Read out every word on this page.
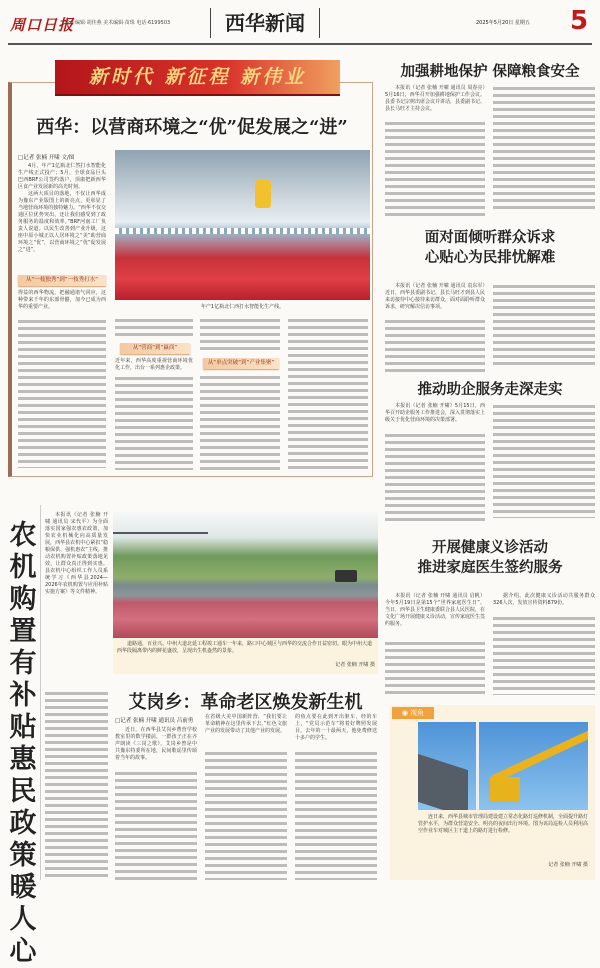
周口日报
责任编辑·胡佳燕 美术编辑·苗珠 电话·6199503	西华新闻	2025年5月20日 星期五 5
新时代 新征程 新伟业
西华：以营商环境之“优”促发展之“进”
□记者 张楠 开啸 文/图

4月，年产1亿瓶北仁然打水智能化生产线正式投产；5月，全球食品巨头巴西BRF公司签约落户，顶康把新西华区食产业发展新的高光时刻。

这两大项目的落地，不仅让西华成为豫东产业版图上的新亮点，更彰显了当地营商环境的独特魅力。“西华不仅交通区位优势突出，还让我们感受到了政务服务的温度和效率。”BRF河南工厂负责人说道。以民生改善到产业升级，这座中原小城正以人居环境之“美”助营商环境之“优”，以营商环境之“优”促发展之“进”。

从“一枝独秀”到“一枝秀打水”
得益的西华物流，把融通诸气回应，这种带来千年的东部骨骼，加今已成为西华的重要产业。	年产1亿瓶北仁西打水智能化生产线。
从“营商”到“赢商”
近年来，西华高度重视营商环境优化工作，出台一系列惠企政策。
从“单点突破”到“产业集聚”
加强耕地保护 保障粮食安全
本报讯（记者 张楠 开啸 通讯员 周春亮）5月16日，西华召开加强耕地保护工作会议。县委书记宗树出席会议并讲话，县委副书记、县长马旺才主持会议。
面对面倾听群众诉求
心贴心为民排忧解难
本报讯（记者 张楠 开啸 通讯员 袁东军）近日，西华县委副书记、县长马旺才到县人民来访接待中心接待来访群众，面对面聆听群众诉求，研究解决信访事项。
推动助企服务走深走实
本报讯（记者 张楠 开啸）5月15日，西华召开助企服务工作推进会，深入贯彻落实上级关于优化营商环境的决策部署。
开展健康义诊活动
推进家庭医生签约服务
本报讯（记者 张楠 开啸 通讯员 启帆）今年5月19日是第15个“世界家庭医生日”。当日，西华县卫生健康委联合县人民医院，在文化广场开展健康义诊活动，宣传家庭医生签约服务。
据介绍，此次健康义诊活动共服务群众326人次，发放宣传资料879份。
◉ 视角
连日来，西华县城市管理局建设建立常态化路灯巡修机制，全面提升路灯管护水平，为群众营造安全、明亮的夜间出行环境。图为该局巡检人员利用高空作业车对城区主干道上的路灯进行检修。
记者 张楠 开啸 摄
农机购置有补贴 惠民政策暖人心
本报讯（记者 张楠 开啸 通讯员 宋代平）为全面落实国家强农惠农政策，加快农业机械化向高质量发展，西华县农机中心紧扣“稳粮保供、强机惠农”主线，推动农机购置补贴政策落地见效，让群众真正得到实惠。县农机中心组织工作人员系统学习《西华县2024—2026年农机购置与应用补贴实施方案》等文件精神。
道路通，百业兴。中州大道北延工程竣工通车一年来，路口中心城区与西华的交流合作日益密切。眼为中州大道西华段隔离带内的鲜花盛放，呈现出生机盎然的景象。
记者 张楠 开啸 摄
艾岗乡：革命老区焕发新生机
□记者 张楠 开啸 通讯员 吕前勇
近日，在西华县艾岗乡曹营学校教室里的数学楼前，一群孩子正在齐声朗读《三岗之歌》，艾岗乡曾是中共豫东特委所在地，民间歌谣里传颂着当年的故事。
在省级大美中国新阵营，“我们要让革命精神在这里传承下去。”红色文旅产业的发展带动了其他产业的发展。
的鱼点要在此到开出驱车，经的车上，“党员示范车”将着好牌照发展目。去年的一十最两天，他免费修送十多户的学生。
